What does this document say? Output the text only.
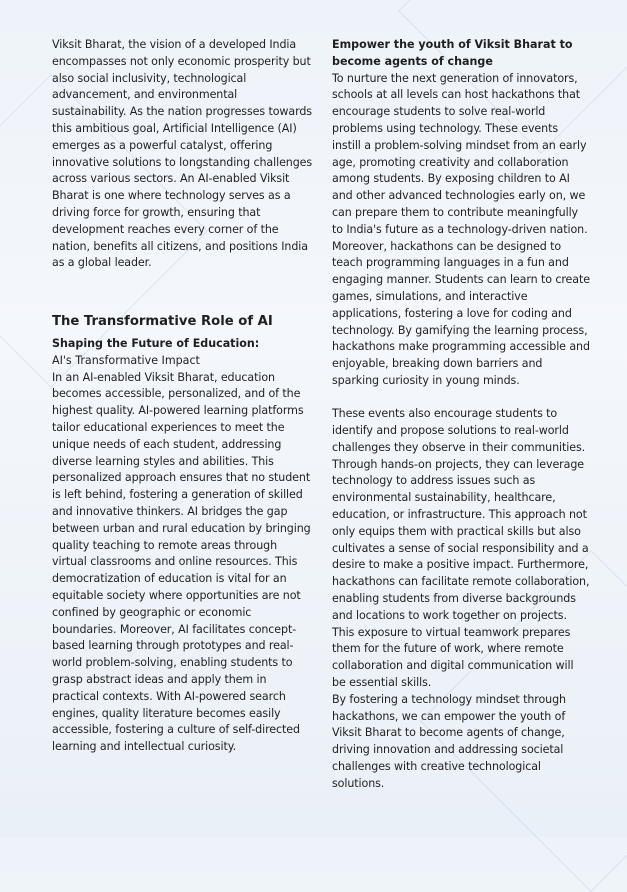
Viksit Bharat, the vision of a developed India encompasses not only economic prosperity but also social inclusivity, technological advancement, and environmental sustainability. As the nation progresses towards this ambitious goal, Artificial Intelligence (AI) emerges as a powerful catalyst, offering innovative solutions to longstanding challenges across various sectors. An AI-enabled Viksit Bharat is one where technology serves as a driving force for growth, ensuring that development reaches every corner of the nation, benefits all citizens, and positions India as a global leader.

The Transformative Role of AI

Shaping the Future of Education:

AI's Transformative Impact

In an AI-enabled Viksit Bharat, education becomes accessible, personalized, and of the highest quality. AI-powered learning platforms tailor educational experiences to meet the unique needs of each student, addressing diverse learning styles and abilities. This personalized approach ensures that no student is left behind, fostering a generation of skilled and innovative thinkers. AI bridges the gap between urban and rural education by bringing quality teaching to remote areas through virtual classrooms and online resources. This democratization of education is vital for an equitable society where opportunities are not confined by geographic or economic boundaries. Moreover, AI facilitates concept-based learning through prototypes and real-world problem-solving, enabling students to grasp abstract ideas and apply them in practical contexts. With AI-powered search engines, quality literature becomes easily accessible, fostering a culture of self-directed learning and intellectual curiosity.

Empower the youth of Viksit Bharat to become agents of change

To nurture the next generation of innovators, schools at all levels can host hackathons that encourage students to solve real-world problems using technology. These events instill a problem-solving mindset from an early age, promoting creativity and collaboration among students. By exposing children to AI and other advanced technologies early on, we can prepare them to contribute meaningfully to India's future as a technology-driven nation. Moreover, hackathons can be designed to teach programming languages in a fun and engaging manner. Students can learn to create games, simulations, and interactive applications, fostering a love for coding and technology. By gamifying the learning process, hackathons make programming accessible and enjoyable, breaking down barriers and sparking curiosity in young minds.

These events also encourage students to identify and propose solutions to real-world challenges they observe in their communities. Through hands-on projects, they can leverage technology to address issues such as environmental sustainability, healthcare, education, or infrastructure. This approach not only equips them with practical skills but also cultivates a sense of social responsibility and a desire to make a positive impact. Furthermore, hackathons can facilitate remote collaboration, enabling students from diverse backgrounds and locations to work together on projects. This exposure to virtual teamwork prepares them for the future of work, where remote collaboration and digital communication will be essential skills.

By fostering a technology mindset through hackathons, we can empower the youth of Viksit Bharat to become agents of change, driving innovation and addressing societal challenges with creative technological solutions.
